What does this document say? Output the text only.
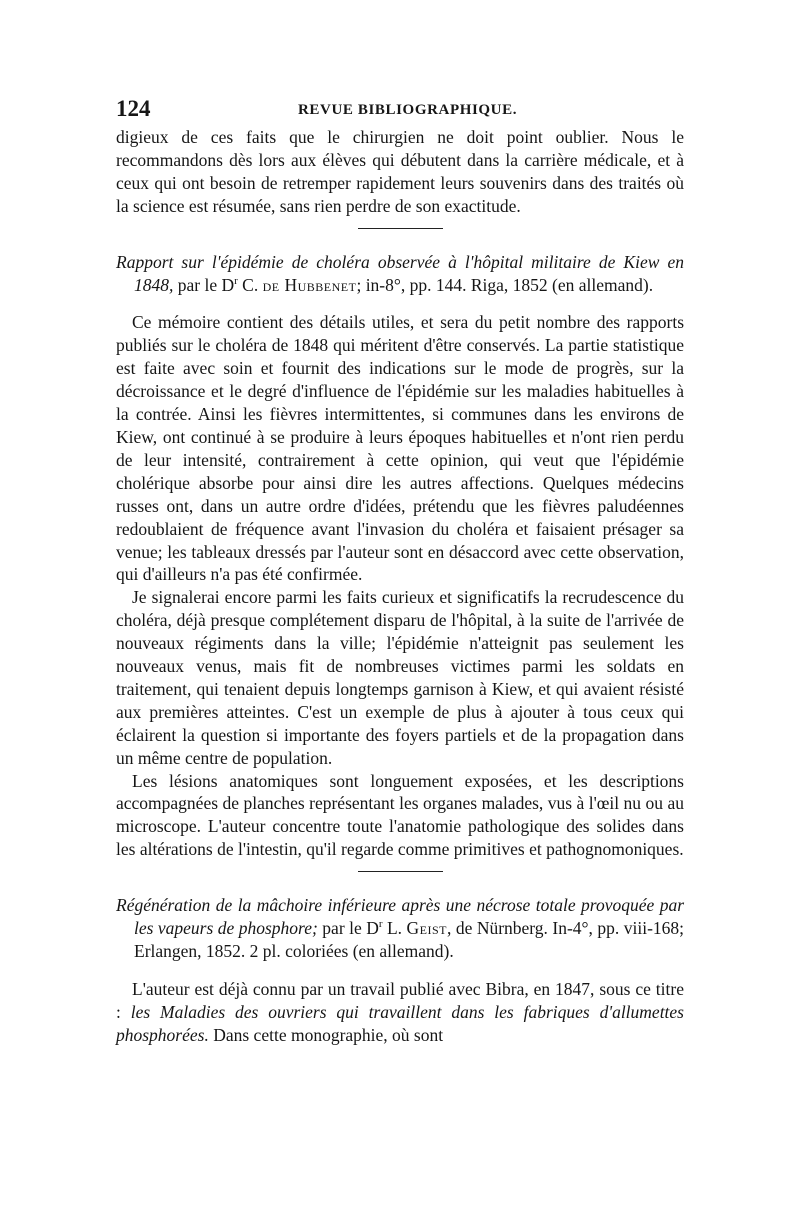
124	REVUE BIBLIOGRAPHIQUE.

digieux de ces faits que le chirurgien ne doit point oublier. Nous le recommandons dès lors aux élèves qui débutent dans la carrière médicale, et à ceux qui ont besoin de retremper rapidement leurs souvenirs dans des traités où la science est résumée, sans rien perdre de son exactitude.

Rapport sur l'épidémie de choléra observée à l'hôpital militaire de Kiew en 1848, par le $D^r$ C. de Hubbenet; in-8°, pp. 144. Riga, 1852 (en allemand).

Ce mémoire contient des détails utiles, et sera du petit nombre des rapports publiés sur le choléra de 1848 qui méritent d'être conservés. La partie statistique est faite avec soin et fournit des indications sur le mode de progrès, sur la décroissance et le degré d'influence de l'épidémie sur les maladies habituelles à la contrée. Ainsi les fièvres intermittentes, si communes dans les environs de Kiew, ont continué à se produire à leurs époques habituelles et n'ont rien perdu de leur intensité, contrairement à cette opinion, qui veut que l'épidémie cholérique absorbe pour ainsi dire les autres affections. Quelques médecins russes ont, dans un autre ordre d'idées, prétendu que les fièvres paludéennes redoublaient de fréquence avant l'invasion du choléra et faisaient présager sa venue; les tableaux dressés par l'auteur sont en désaccord avec cette observation, qui d'ailleurs n'a pas été confirmée.

Je signalerai encore parmi les faits curieux et significatifs la recrudescence du choléra, déjà presque complétement disparu de l'hôpital, à la suite de l'arrivée de nouveaux régiments dans la ville; l'épidémie n'atteignit pas seulement les nouveaux venus, mais fit de nombreuses victimes parmi les soldats en traitement, qui tenaient depuis longtemps garnison à Kiew, et qui avaient résisté aux premières atteintes. C'est un exemple de plus à ajouter à tous ceux qui éclairent la question si importante des foyers partiels et de la propagation dans un même centre de population.

Les lésions anatomiques sont longuement exposées, et les descriptions accompagnées de planches représentant les organes malades, vus à l'œil nu ou au microscope. L'auteur concentre toute l'anatomie pathologique des solides dans les altérations de l'intestin, qu'il regarde comme primitives et pathognomoniques.

Régénération de la mâchoire inférieure après une nécrose totale provoquée par les vapeurs de phosphore; par le $D^r$ L. Geist, de Nürnberg. In-4°, pp. viii-168; Erlangen, 1852. 2 pl. coloriées (en allemand).

L'auteur est déjà connu par un travail publié avec Bibra, en 1847, sous ce titre : les Maladies des ouvriers qui travaillent dans les fabriques d'allumettes phosphorées. Dans cette monographie, où sont
